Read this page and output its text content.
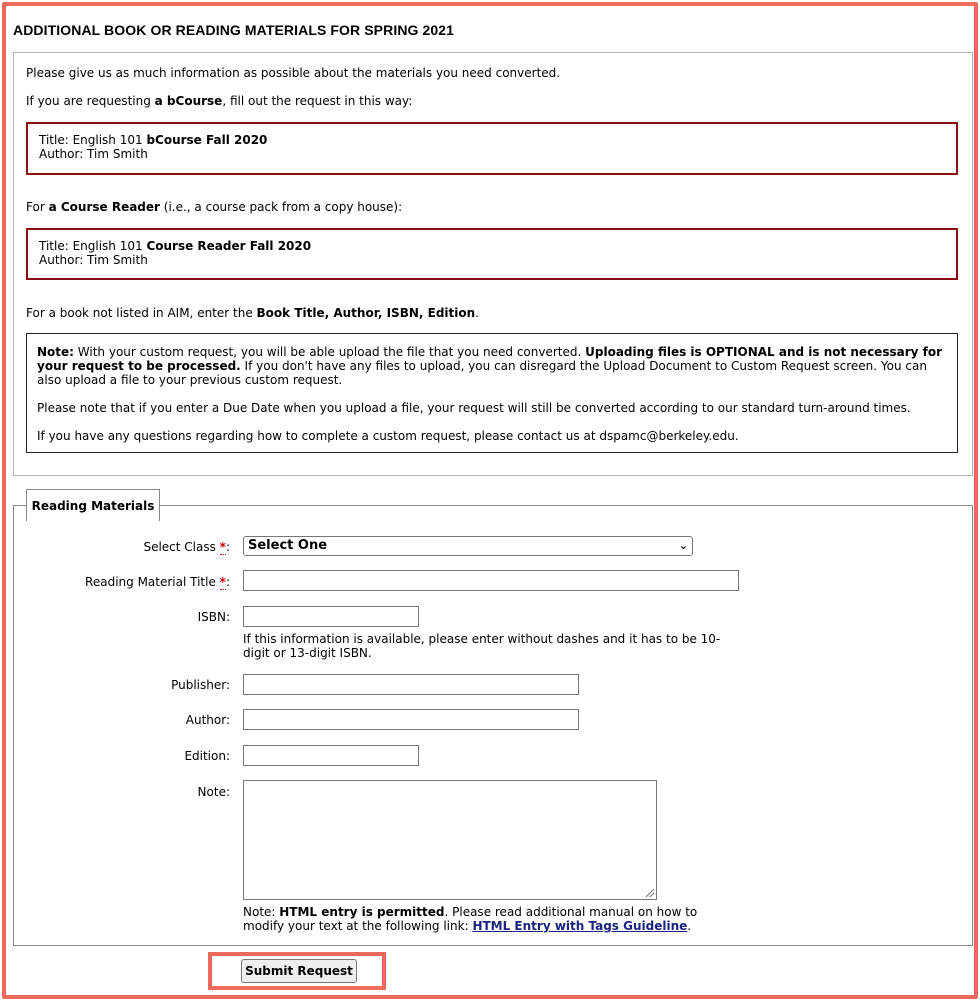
ADDITIONAL BOOK OR READING MATERIALS FOR SPRING 2021
Please give us as much information as possible about the materials you need converted.
If you are requesting a bCourse, fill out the request in this way:
Title: English 101 bCourse Fall 2020
Author: Tim Smith
For a Course Reader (i.e., a course pack from a copy house):
Title: English 101 Course Reader Fall 2020
Author: Tim Smith
For a book not listed in AIM, enter the Book Title, Author, ISBN, Edition.
Note: With your custom request, you will be able upload the file that you need converted. Uploading files is OPTIONAL and is not necessary for your request to be processed. If you don't have any files to upload, you can disregard the Upload Document to Custom Request screen. You can also upload a file to your previous custom request.
Please note that if you enter a Due Date when you upload a file, your request will still be converted according to our standard turn-around times.
If you have any questions regarding how to complete a custom request, please contact us at dspamc@berkeley.edu.
Reading Materials
Select Class *:	Select One	⌄
Reading Material Title *:
ISBN:
If this information is available, please enter without dashes and it has to be 10-digit or 13-digit ISBN.
Publisher:
Author:
Edition:
Note:
Note: HTML entry is permitted. Please read additional manual on how to modify your text at the following link: HTML Entry with Tags Guideline.
Submit Request
